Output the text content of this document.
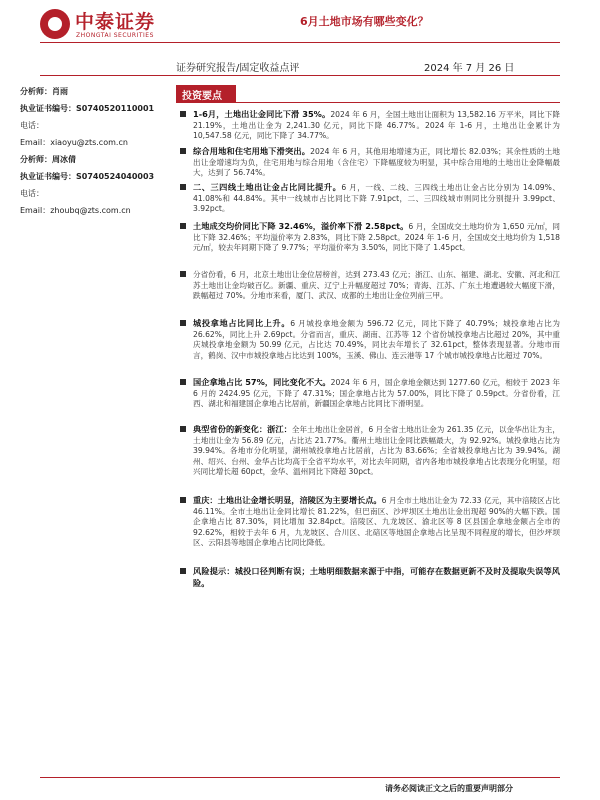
中泰证券
ZHONGTAI SECURITIES
6月土地市场有哪些变化？
证券研究报告/固定收益点评	2024 年 7 月 26 日
分析师：肖雨
执业证书编号：S0740520110001
电话：
Email：xiaoyu@zts.com.cn
分析师：周冰倩
执业证书编号：S0740524040003
电话：
Email：zhoubq@zts.com.cn
投资要点
1-6月，土地出让金同比下滑 35%。2024 年 6 月，全国土地出让面积为 13,582.16 万平米，同比下降 21.19%，土地出让金为 2,241.30 亿元，同比下降 46.77%。2024 年 1-6 月，土地出让金累计为 10,547.58 亿元，同比下降了 34.77%。
综合用地和住宅用地下滑突出。2024 年 6 月，其他用地增速为正，同比增长 82.03%；其余性质的土地出让金增速均为负，住宅用地与综合用地（含住宅）下降幅度较为明显，其中综合用地的土地出让金降幅最大，达到了 56.74%。
二、三四线土地出让金占比同比提升。6 月，一线、二线、三四线土地出让金占比分别为 14.09%、41.08%和 44.84%。其中一线城市占比同比下降 7.91pct，二、三四线城市则同比分别提升 3.99pct、3.92pct。
土地成交均价同比下降 32.46%，溢价率下滑 2.58pct。6 月，全国成交土地均价为 1,650 元/㎡，同比下降 32.46%；平均溢价率为 2.83%，同比下降 2.58pct。2024 年 1-6 月，全国成交土地均价为 1,518 元/㎡，较去年同期下降了 9.77%；平均溢价率为 3.50%，同比下降了 1.45pct。
分省份看，6 月，北京土地出让金位居榜首，达到 273.43 亿元；浙江、山东、福建、湖北、安徽、河北和江苏土地出让金均破百亿。新疆、重庆、辽宁上升幅度超过 70%；青海、江苏、广东土地遭遇较大幅度下滑，跌幅超过 70%。分地市来看，厦门、武汉、成都的土地出让金位列前三甲。
城投拿地占比同比上升。6 月城投拿地金额为 596.72 亿元，同比下降了 40.79%；城投拿地占比为 26.62%，同比上升 2.69pct。分省而言，重庆、湖南、江苏等 12 个省份城投拿地占比超过 20%，其中重庆城投拿地金额为 50.99 亿元，占比达 70.49%，同比去年增长了 32.61pct，整体表现显著。分地市而言，鹤岗、汉中市城投拿地占比达到 100%，玉溪、佛山、连云港等 17 个城市城投拿地占比超过 70%。
国企拿地占比 57%，同比变化不大。2024 年 6 月，国企拿地金额达到 1277.60 亿元，相较于 2023 年 6 月的 2424.95 亿元，下降了 47.31%；国企拿地占比为 57.00%，同比下降了 0.59pct。分省份看，江西、湖北和福建国企拿地占比居前，新疆国企拿地占比同比下滑明显。
典型省份的新变化：浙江：全年土地出让金居首，6 月全省土地出让金为 261.35 亿元，以金华出让为主，土地出让金为 56.89 亿元，占比达 21.77%。衢州土地出让金同比跌幅最大，为 92.92%。城投拿地占比为 39.94%。各地市分化明显，湖州城投拿地占比居前，占比为 83.66%；全省城投拿地占比为 39.94%。湖州、绍兴、台州、金华占比均高于全省平均水平，对比去年同期，省内各地市城投拿地占比表现分化明显，绍兴同比增长超 60pct，金华、温州同比下降超 30pct。
重庆：土地出让金增长明显，涪陵区为主要增长点。6 月全市土地出让金为 72.33 亿元，其中涪陵区占比 46.11%。全市土地出让金同比增长 81.22%，但巴南区、沙坪坝区土地出让金出现超 90%的大幅下跌。国企拿地占比 87.30%，同比增加 32.84pct。涪陵区、九龙坡区、渝北区等 8 区县国企拿地金额占全市的 92.62%，相较于去年 6 月，九龙坡区、合川区、北碚区等地国企拿地占比呈现不同程度的增长，但沙坪坝区、云阳县等地国企拿地占比同比降低。
风险提示：城投口径判断有误；土地明细数据来源于中指，可能存在数据更新不及时及提取失误等风险。
请务必阅读正文之后的重要声明部分
